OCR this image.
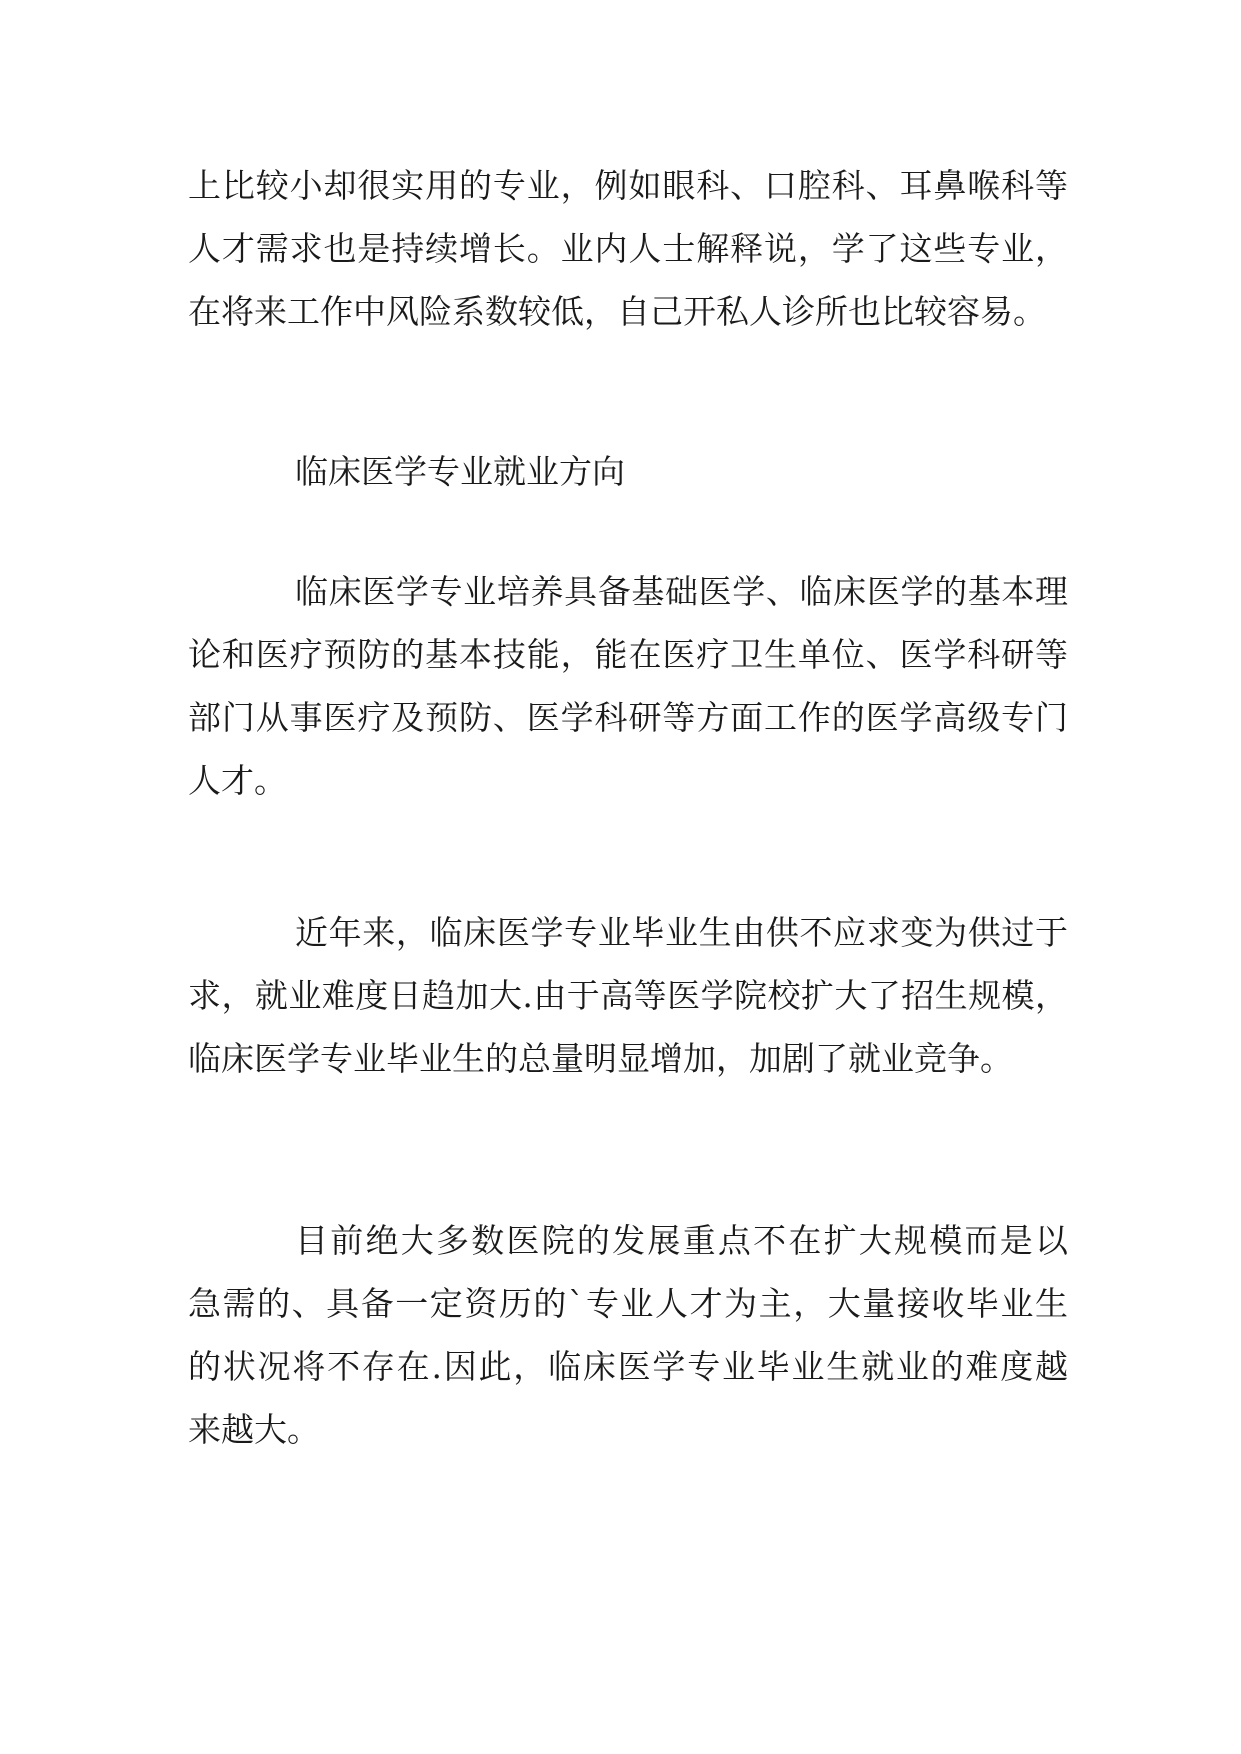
上比较小却很实用的专业，例如眼科、口腔科、耳鼻喉科等
人才需求也是持续增长。业内人士解释说，学了这些专业，
在将来工作中风险系数较低，自己开私人诊所也比较容易。
临床医学专业就业方向
临床医学专业培养具备基础医学、临床医学的基本理
论和医疗预防的基本技能，能在医疗卫生单位、医学科研等
部门从事医疗及预防、医学科研等方面工作的医学高级专门
人才。
近年来，临床医学专业毕业生由供不应求变为供过于
求，就业难度日趋加大.由于高等医学院校扩大了招生规模，
临床医学专业毕业生的总量明显增加，加剧了就业竞争。
目前绝大多数医院的发展重点不在扩大规模而是以
急需的、具备一定资历的`专业人才为主，大量接收毕业生
的状况将不存在.因此，临床医学专业毕业生就业的难度越
来越大。
